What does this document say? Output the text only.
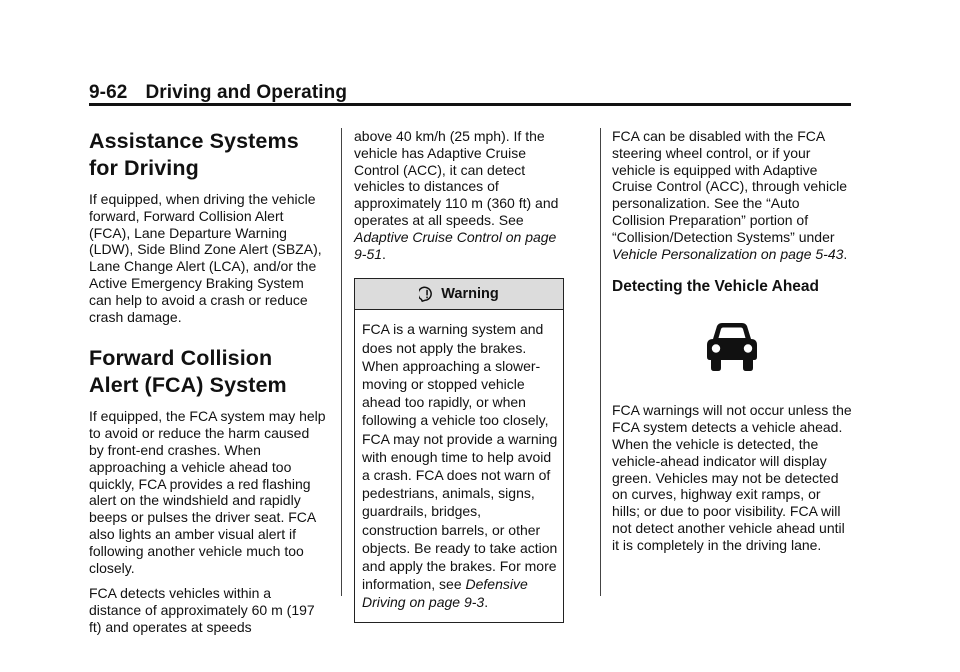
9-62 Driving and Operating
Assistance Systems for Driving

If equipped, when driving the vehicle forward, Forward Collision Alert (FCA), Lane Departure Warning (LDW), Side Blind Zone Alert (SBZA), Lane Change Alert (LCA), and/or the Active Emergency Braking System can help to avoid a crash or reduce crash damage.

Forward Collision Alert (FCA) System

If equipped, the FCA system may help to avoid or reduce the harm caused by front-end crashes. When approaching a vehicle ahead too quickly, FCA provides a red flashing alert on the windshield and rapidly beeps or pulses the driver seat. FCA also lights an amber visual alert if following another vehicle much too closely.

FCA detects vehicles within a distance of approximately 60 m (197 ft) and operates at speeds

above 40 km/h (25 mph). If the vehicle has Adaptive Cruise Control (ACC), it can detect vehicles to distances of approximately 110 m (360 ft) and operates at all speeds. See Adaptive Cruise Control on page 9-51.

Warning
FCA is a warning system and does not apply the brakes. When approaching a slower-moving or stopped vehicle ahead too rapidly, or when following a vehicle too closely, FCA may not provide a warning with enough time to help avoid a crash. FCA does not warn of pedestrians, animals, signs, guardrails, bridges, construction barrels, or other objects. Be ready to take action and apply the brakes. For more information, see Defensive Driving on page 9-3.

FCA can be disabled with the FCA steering wheel control, or if your vehicle is equipped with Adaptive Cruise Control (ACC), through vehicle personalization. See the “Auto Collision Preparation” portion of “Collision/Detection Systems” under Vehicle Personalization on page 5-43.

Detecting the Vehicle Ahead

FCA warnings will not occur unless the FCA system detects a vehicle ahead. When the vehicle is detected, the vehicle-ahead indicator will display green. Vehicles may not be detected on curves, highway exit ramps, or hills; or due to poor visibility. FCA will not detect another vehicle ahead until it is completely in the driving lane.
